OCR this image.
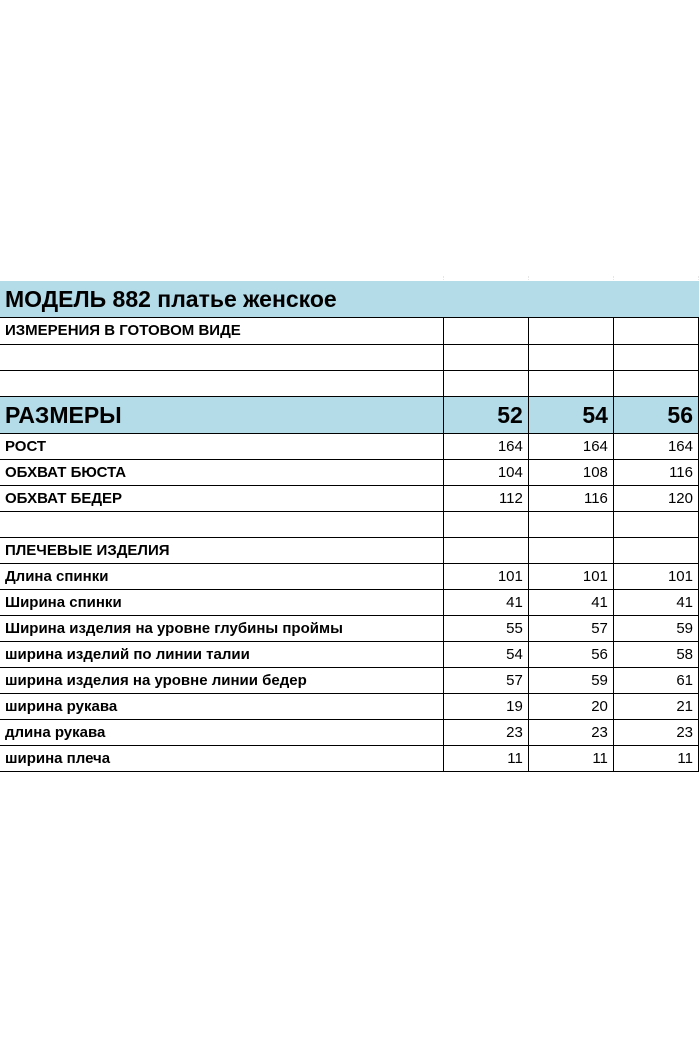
МОДЕЛЬ 882 платье женское
ИЗМЕРЕНИЯ В ГОТОВОМ ВИДЕ			

РАЗМЕРЫ	52	54	56
РОСТ	164	164	164
ОБХВАТ БЮСТА	104	108	116
ОБХВАТ БЕДЕР	112	116	120

ПЛЕЧЕВЫЕ ИЗДЕЛИЯ			
Длина спинки	101	101	101
Ширина спинки	41	41	41
Ширина изделия на уровне глубины проймы	55	57	59
ширина изделий по линии талии	54	56	58
ширина изделия на уровне линии бедер	57	59	61
ширина рукава	19	20	21
длина рукава	23	23	23
ширина плеча	11	11	11
